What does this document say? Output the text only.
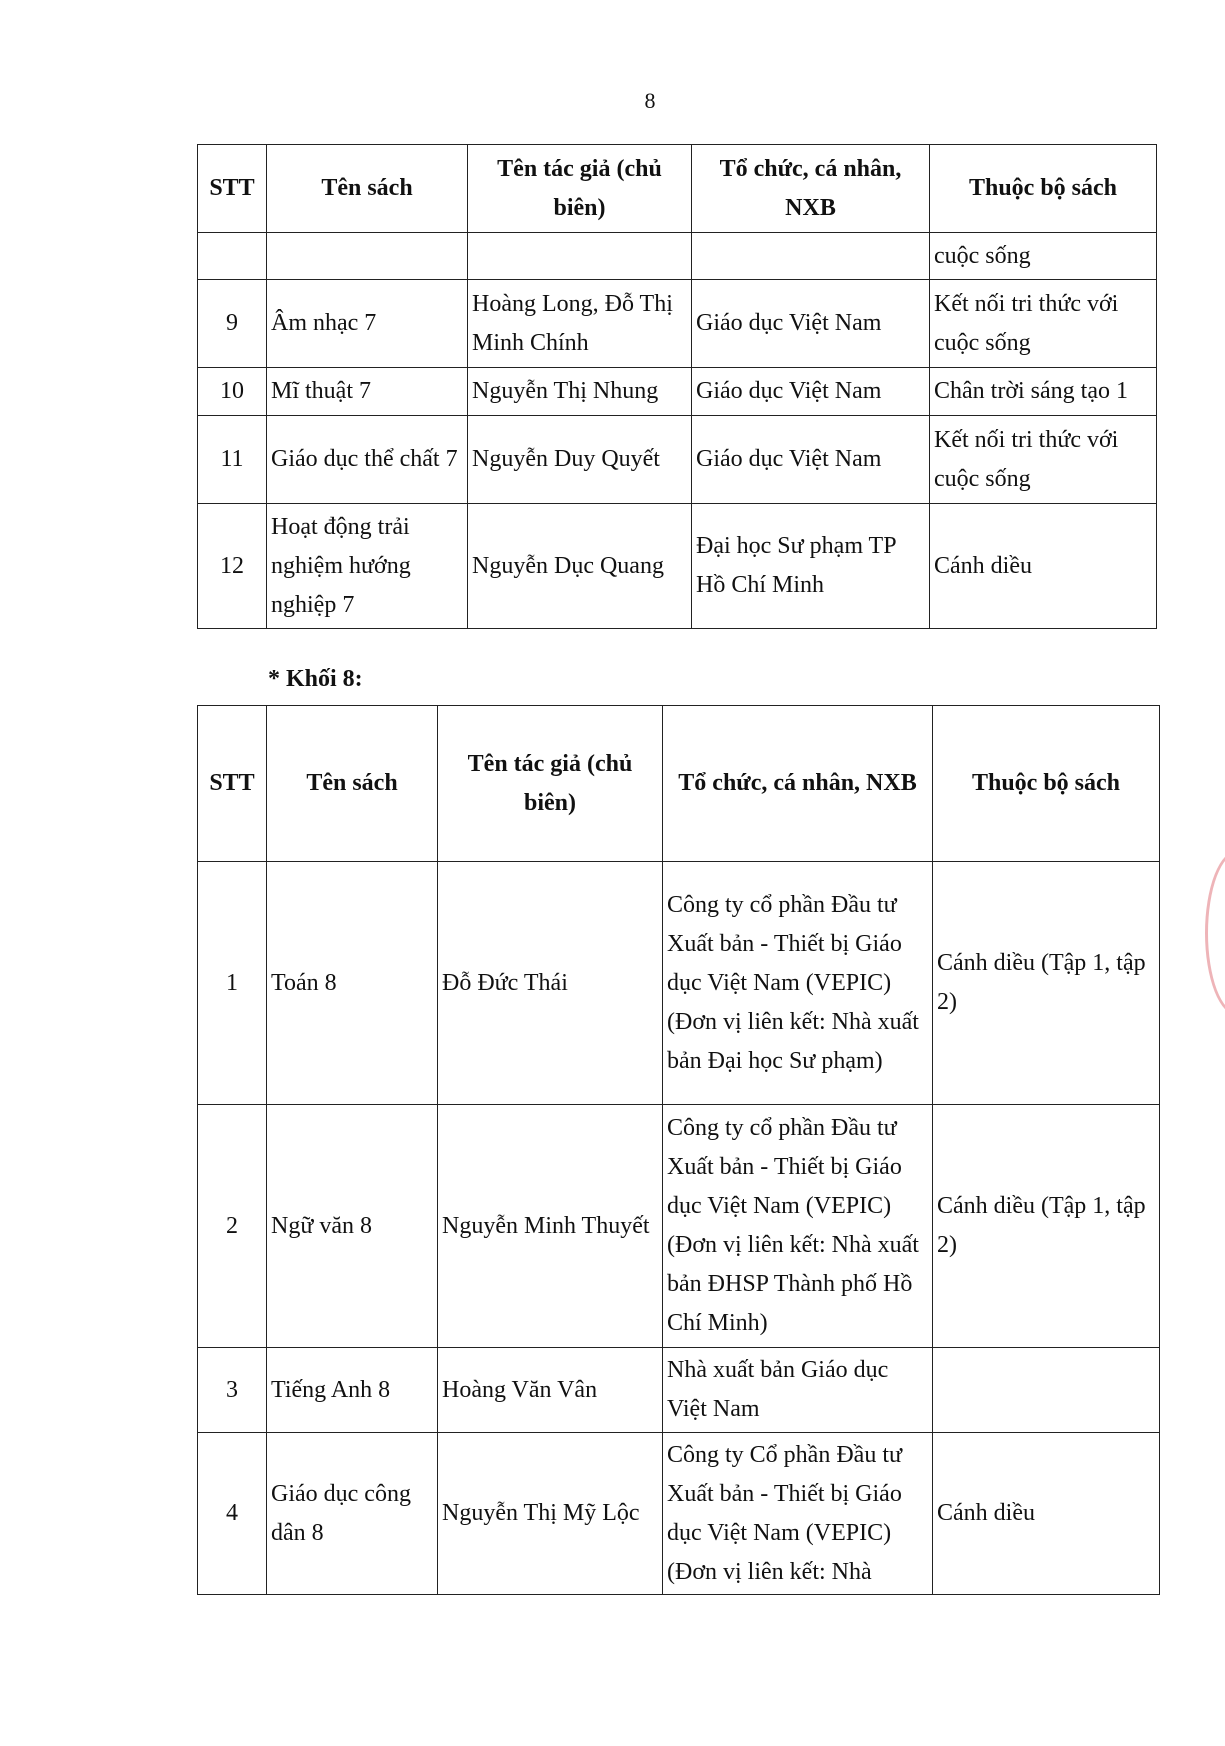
8
STT	Tên sách	Tên tác giả (chủ biên)	Tổ chức, cá nhân, NXB	Thuộc bộ sách
				cuộc sống
9	Âm nhạc 7	Hoàng Long, Đỗ Thị Minh Chính	Giáo dục Việt Nam	Kết nối tri thức với cuộc sống
10	Mĩ thuật 7	Nguyễn Thị Nhung	Giáo dục Việt Nam	Chân trời sáng tạo 1
11	Giáo dục thể chất 7	Nguyễn Duy Quyết	Giáo dục Việt Nam	Kết nối tri thức với cuộc sống
12	Hoạt động trải nghiệm hướng nghiệp 7	Nguyễn Dục Quang	Đại học Sư phạm TP Hồ Chí Minh	Cánh diều
* Khối 8:
STT	Tên sách	Tên tác giả (chủ biên)	Tổ chức, cá nhân, NXB	Thuộc bộ sách
1	Toán 8	Đỗ Đức Thái	Công ty cổ phần Đầu tư Xuất bản - Thiết bị Giáo dục Việt Nam (VEPIC) (Đơn vị liên kết: Nhà xuất bản Đại học Sư phạm)	Cánh diều (Tập 1, tập 2)
2	Ngữ văn 8	Nguyễn Minh Thuyết	Công ty cổ phần Đầu tư Xuất bản - Thiết bị Giáo dục Việt Nam (VEPIC) (Đơn vị liên kết: Nhà xuất bản ĐHSP Thành phố Hồ Chí Minh)	Cánh diều (Tập 1, tập 2)
3	Tiếng Anh 8	Hoàng Văn Vân	Nhà xuất bản Giáo dục Việt Nam	
4	Giáo dục công dân 8	Nguyễn Thị Mỹ Lộc	Công ty Cổ phần Đầu tư Xuất bản - Thiết bị Giáo dục Việt Nam (VEPIC) (Đơn vị liên kết: Nhà	Cánh diều
